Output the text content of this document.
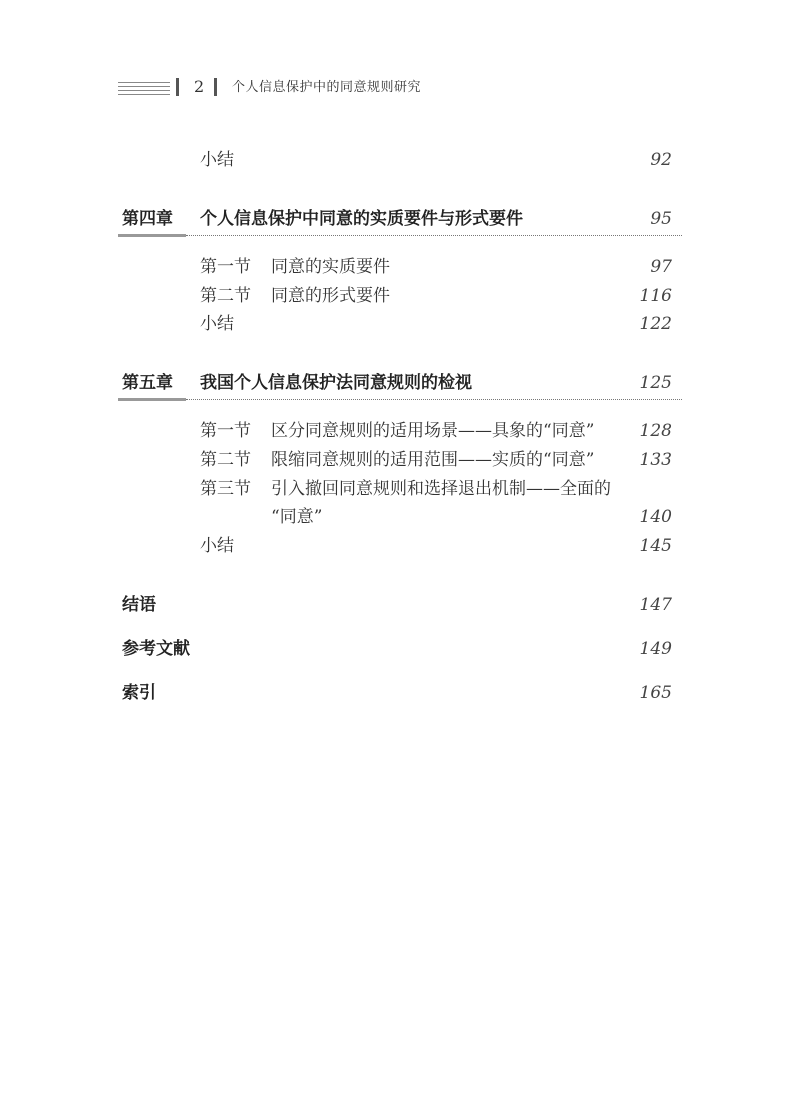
2 个人信息保护中的同意规则研究
小结	92
第四章 个人信息保护中同意的实质要件与形式要件	95
第一节 同意的实质要件	97
第二节 同意的形式要件	116
小结	122
第五章 我国个人信息保护法同意规则的检视	125
第一节 区分同意规则的适用场景——具象的“同意”	128
第二节 限缩同意规则的适用范围——实质的“同意”	133
第三节 引入撤回同意规则和选择退出机制——全面的
“同意”	140
小结	145
结语	147
参考文献	149
索引	165
